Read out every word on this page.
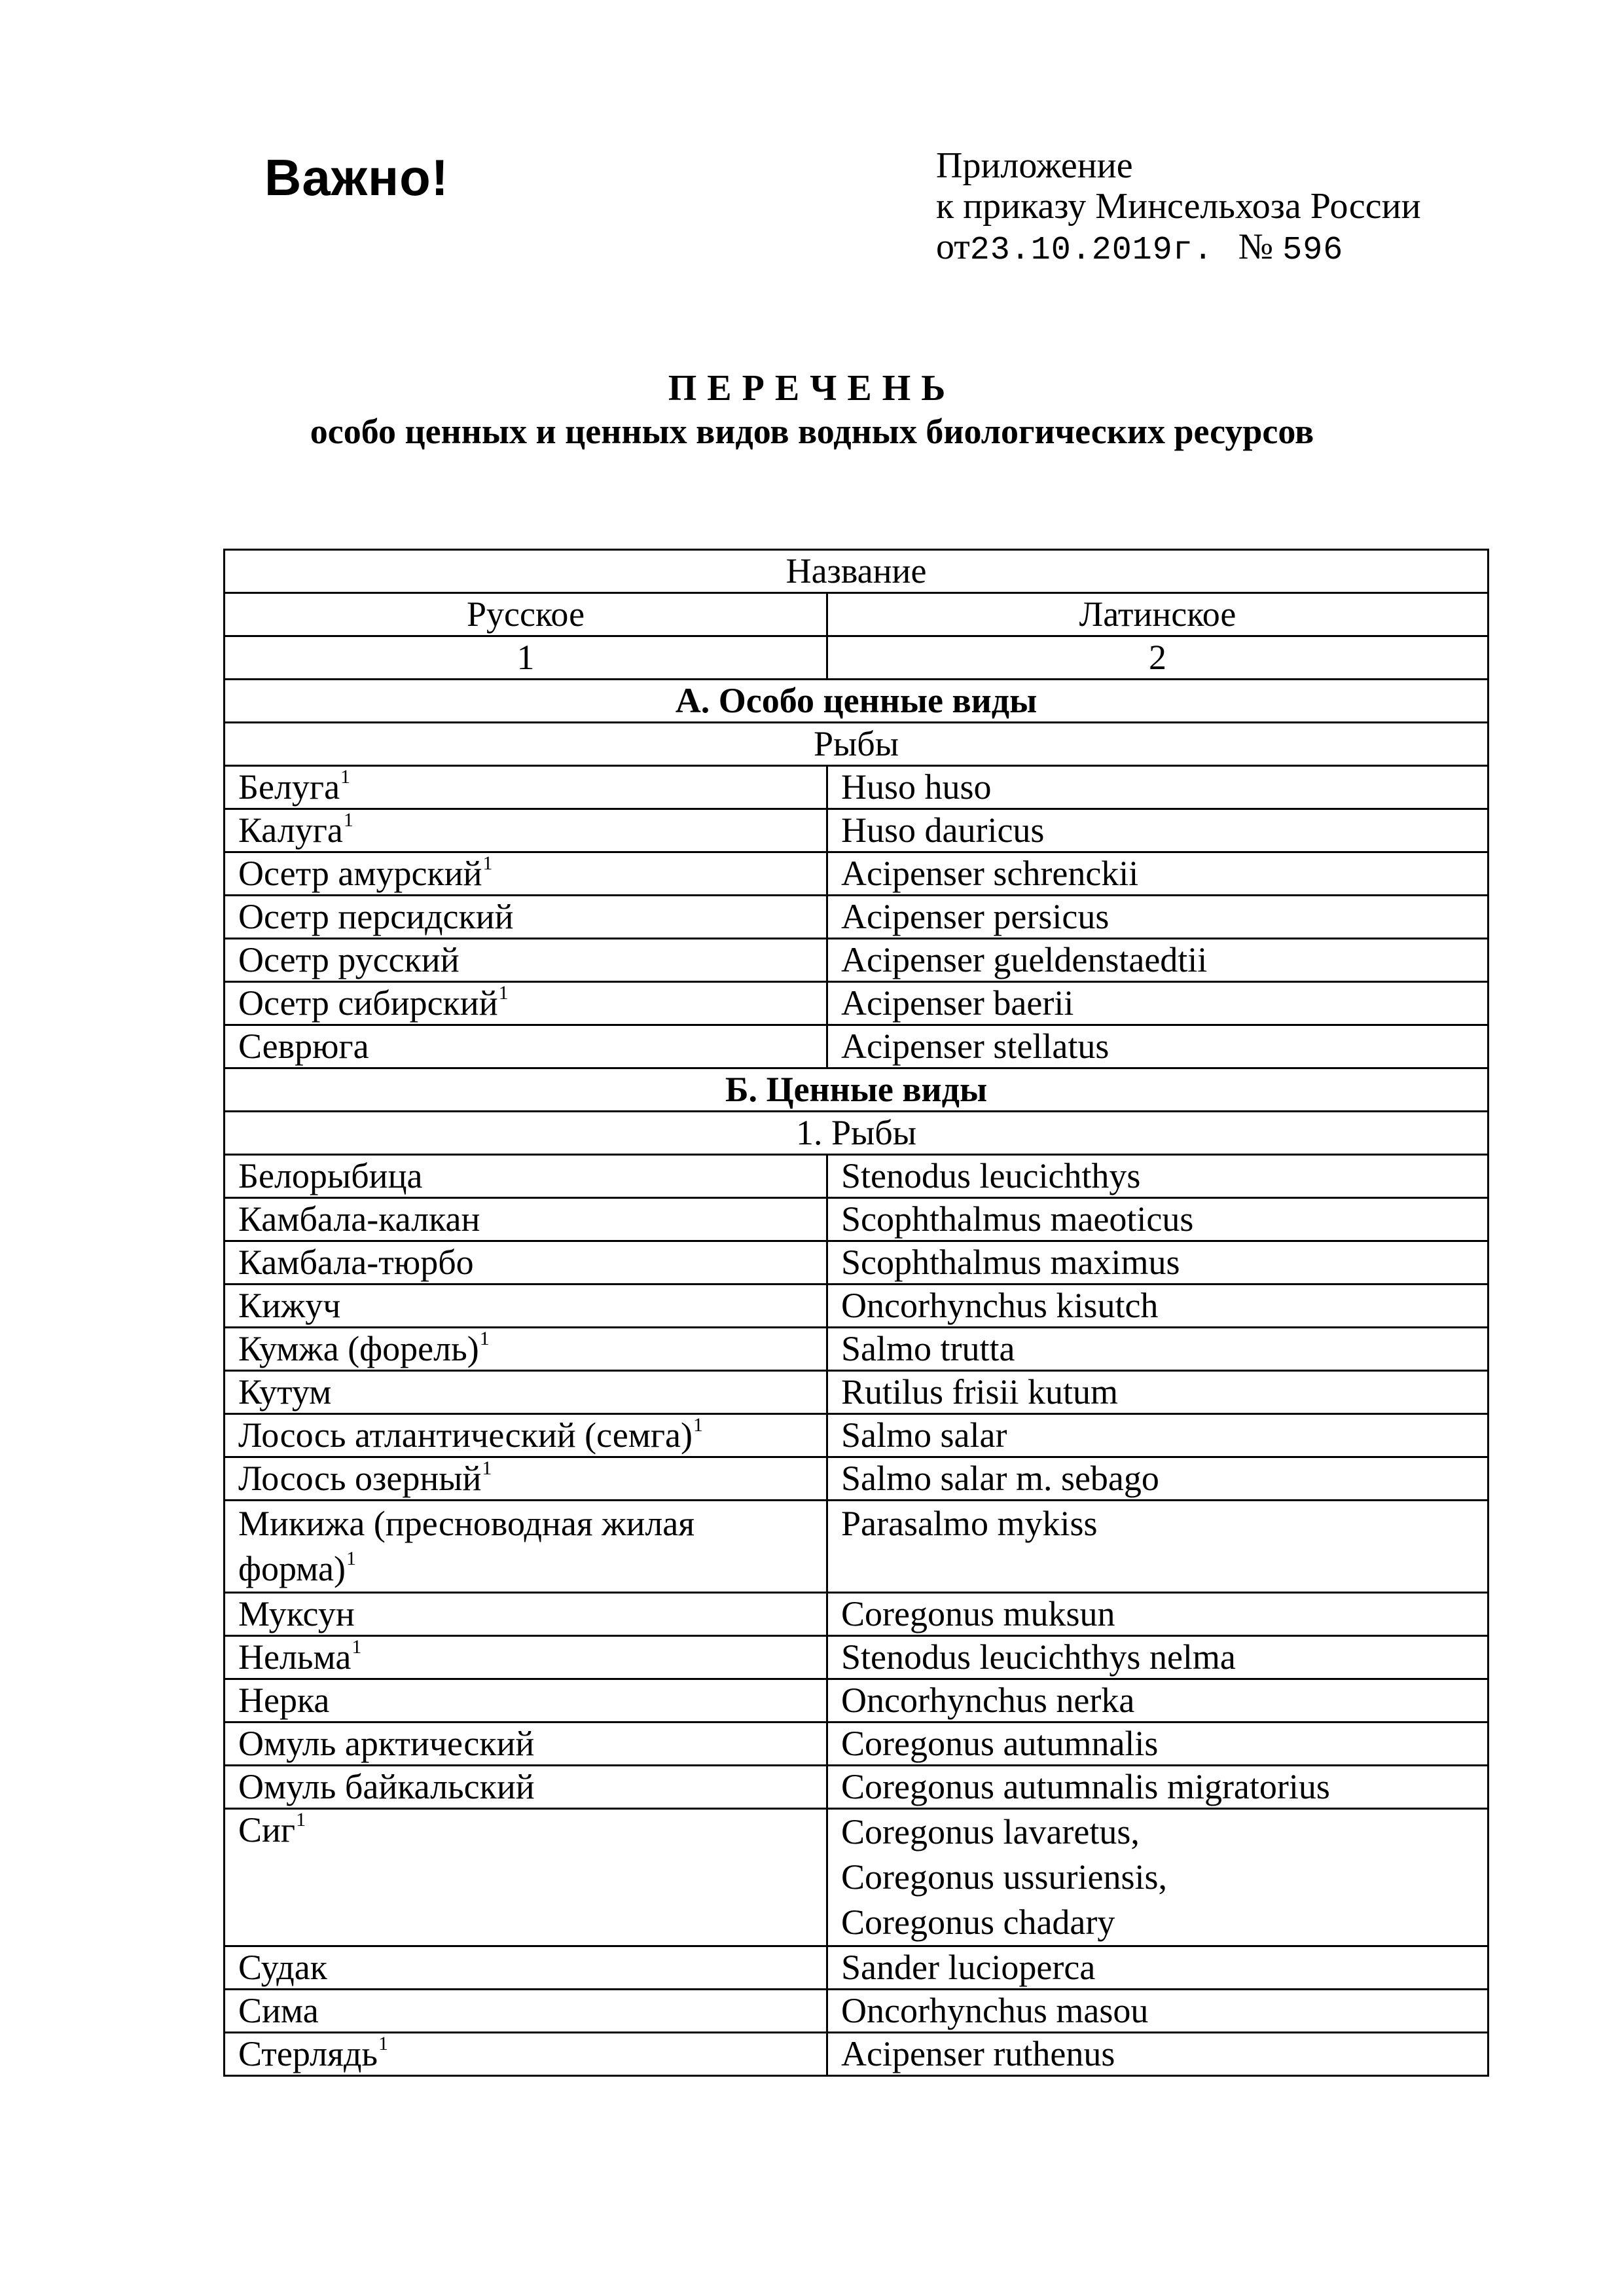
Важно!	Приложение
к приказу Минсельхоза России
от23.10.2019г. № 596
ПЕРЕЧЕНЬ
особо ценных и ценных видов водных биологических ресурсов
Название	
Русское	Латинское
1	2
А. Особо ценные виды	
Рыбы	
Белуга$^1$	Huso huso
Калуга$^1$	Huso dauricus
Осетр амурский$^1$	Acipenser schrenckii
Осетр персидский	Acipenser persicus
Осетр русский	Acipenser gueldenstaedtii
Осетр сибирский$^1$	Acipenser baerii
Севрюга	Acipenser stellatus
Б. Ценные виды	
1. Рыбы	
Белорыбица	Stenodus leucichthys
Камбала-калкан	Scophthalmus maeoticus
Камбала-тюрбо	Scophthalmus maximus
Кижуч	Oncorhynchus kisutch
Кумжа (форель)$^1$	Salmo trutta
Кутум	Rutilus frisii kutum
Лосось атлантический (семга)$^1$	Salmo salar
Лосось озерный$^1$	Salmo salar m. sebago
Микижа (пресноводная жилая форма)$^1$	Parasalmo mykiss
Муксун	Coregonus muksun
Нельма$^1$	Stenodus leucichthys nelma
Нерка	Oncorhynchus nerka
Омуль арктический	Coregonus autumnalis
Омуль байкальский	Coregonus autumnalis migratorius
Сиг$^1$	Coregonus lavaretus,
Coregonus ussuriensis,
Coregonus chadary

Судак	Sander lucioperca
Сима	Oncorhynchus masou
Стерлядь$^1$	Acipenser ruthenus
